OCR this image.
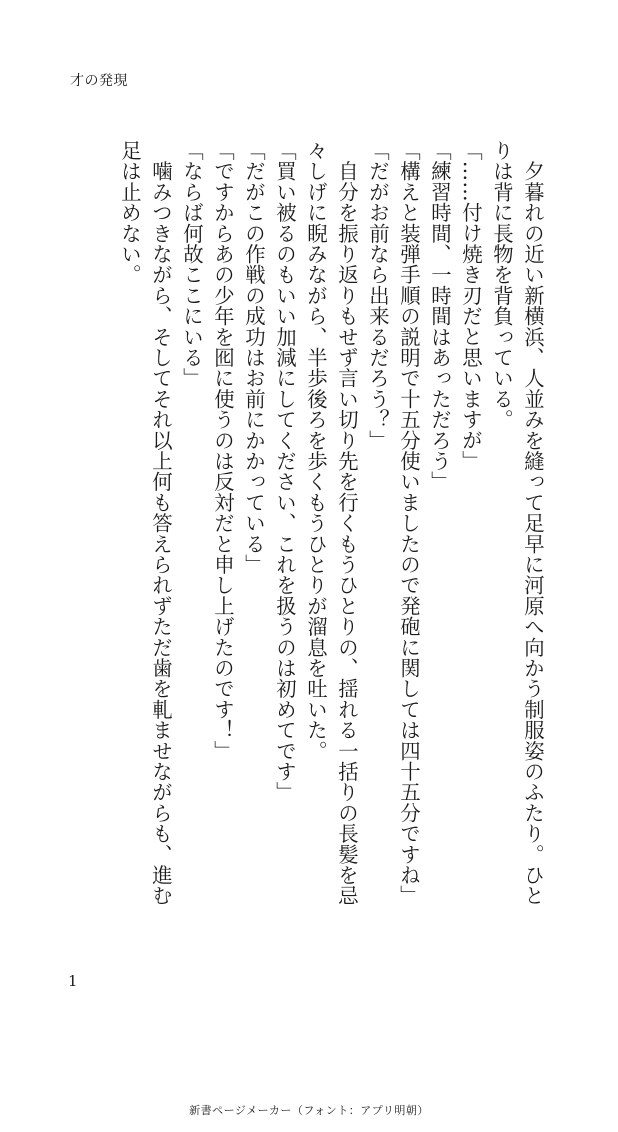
才の発現

　夕暮れの近い新横浜、人並みを縫って足早に河原へ向かう制服姿のふたり。ひと

りは背に長物を背負っている。

「……付け焼き刃だと思いますが」

「練習時間、一時間はあっただろう」

「構えと装弾手順の説明で十五分使いましたので発砲に関しては四十五分ですね」

「だがお前なら出来るだろう？」

　自分を振り返りもせず言い切り先を行くもうひとりの、揺れる一括りの長髪を忌

々しげに睨みながら、半歩後ろを歩くもうひとりが溜息を吐いた。

「買い被るのもいい加減にしてください、これを扱うのは初めてです」

「だがこの作戦の成功はお前にかかっている」

「ですからあの少年を囮に使うのは反対だと申し上げたのです！」

「ならば何故ここにいる」

　噛みつきながら、そしてそれ以上何も答えられずただ歯を軋ませながらも、進む

足は止めない。

1
新書ページメーカー（フォント：アプリ明朝）
